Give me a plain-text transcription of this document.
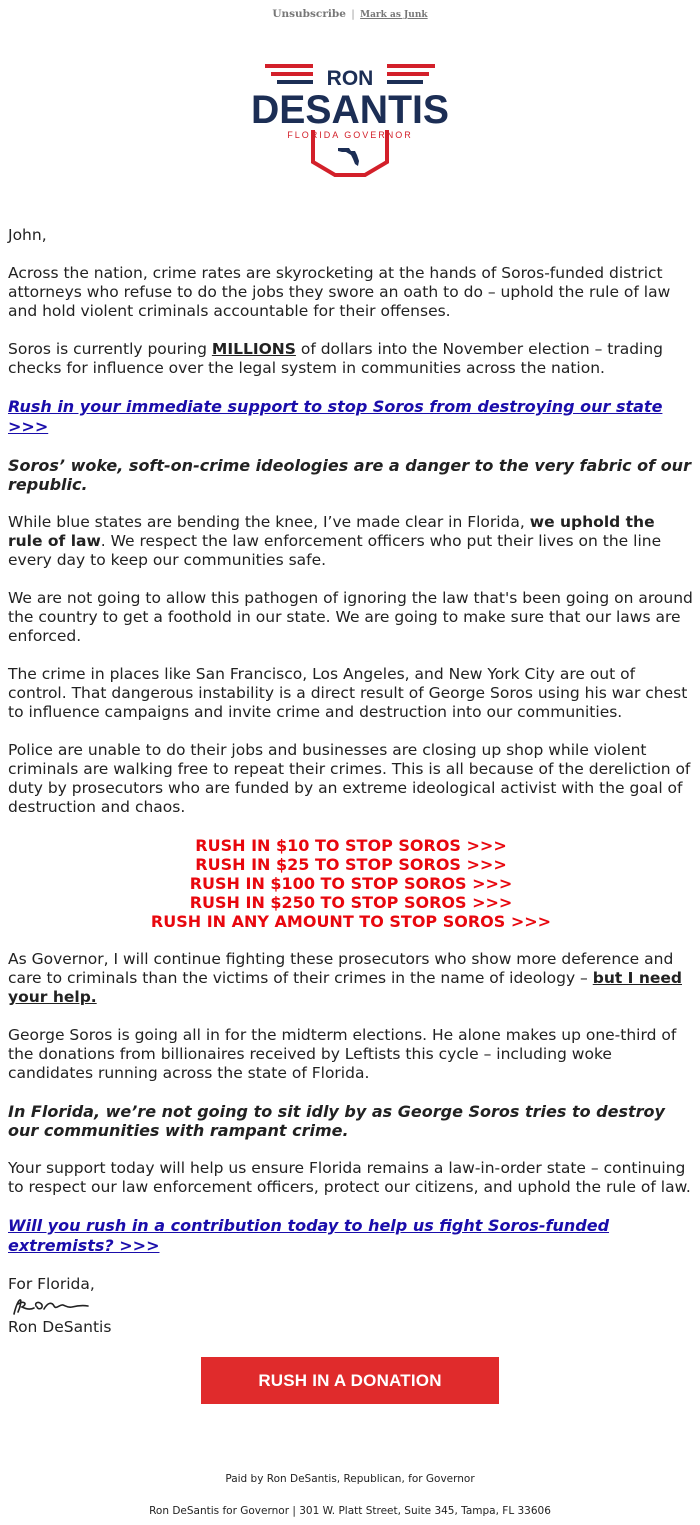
Unsubscribe | Mark as Junk
RON
DESANTIS
FLORIDA GOVERNOR

John,

Across the nation, crime rates are skyrocketing at the hands of Soros-funded district attorneys who refuse to do the jobs they swore an oath to do – uphold the rule of law and hold violent criminals accountable for their offenses.

Soros is currently pouring MILLIONS of dollars into the November election – trading checks for influence over the legal system in communities across the nation.

Rush in your immediate support to stop Soros from destroying our state >>>

Soros’ woke, soft-on-crime ideologies are a danger to the very fabric of our republic.

While blue states are bending the knee, I’ve made clear in Florida, we uphold the rule of law. We respect the law enforcement officers who put their lives on the line every day to keep our communities safe.

We are not going to allow this pathogen of ignoring the law that's been going on around the country to get a foothold in our state. We are going to make sure that our laws are enforced.

The crime in places like San Francisco, Los Angeles, and New York City are out of control. That dangerous instability is a direct result of George Soros using his war chest to influence campaigns and invite crime and destruction into our communities.

Police are unable to do their jobs and businesses are closing up shop while violent criminals are walking free to repeat their crimes. This is all because of the dereliction of duty by prosecutors who are funded by an extreme ideological activist with the goal of destruction and chaos.

RUSH IN $10 TO STOP SOROS >>>
RUSH IN $25 TO STOP SOROS >>>
RUSH IN $100 TO STOP SOROS >>>
RUSH IN $250 TO STOP SOROS >>>
RUSH IN ANY AMOUNT TO STOP SOROS >>>

As Governor, I will continue fighting these prosecutors who show more deference and care to criminals than the victims of their crimes in the name of ideology – but I need your help.

George Soros is going all in for the midterm elections. He alone makes up one-third of the donations from billionaires received by Leftists this cycle – including woke candidates running across the state of Florida.

In Florida, we’re not going to sit idly by as George Soros tries to destroy our communities with rampant crime.

Your support today will help us ensure Florida remains a law-in-order state – continuing to respect our law enforcement officers, protect our citizens, and uphold the rule of law.

Will you rush in a contribution today to help us fight Soros-funded extremists? >>>

For Florida,
Ron DeSantis
RUSH IN A DONATION
Paid by Ron DeSantis, Republican, for Governor
Ron DeSantis for Governor | 301 W. Platt Street, Suite 345, Tampa, FL 33606
